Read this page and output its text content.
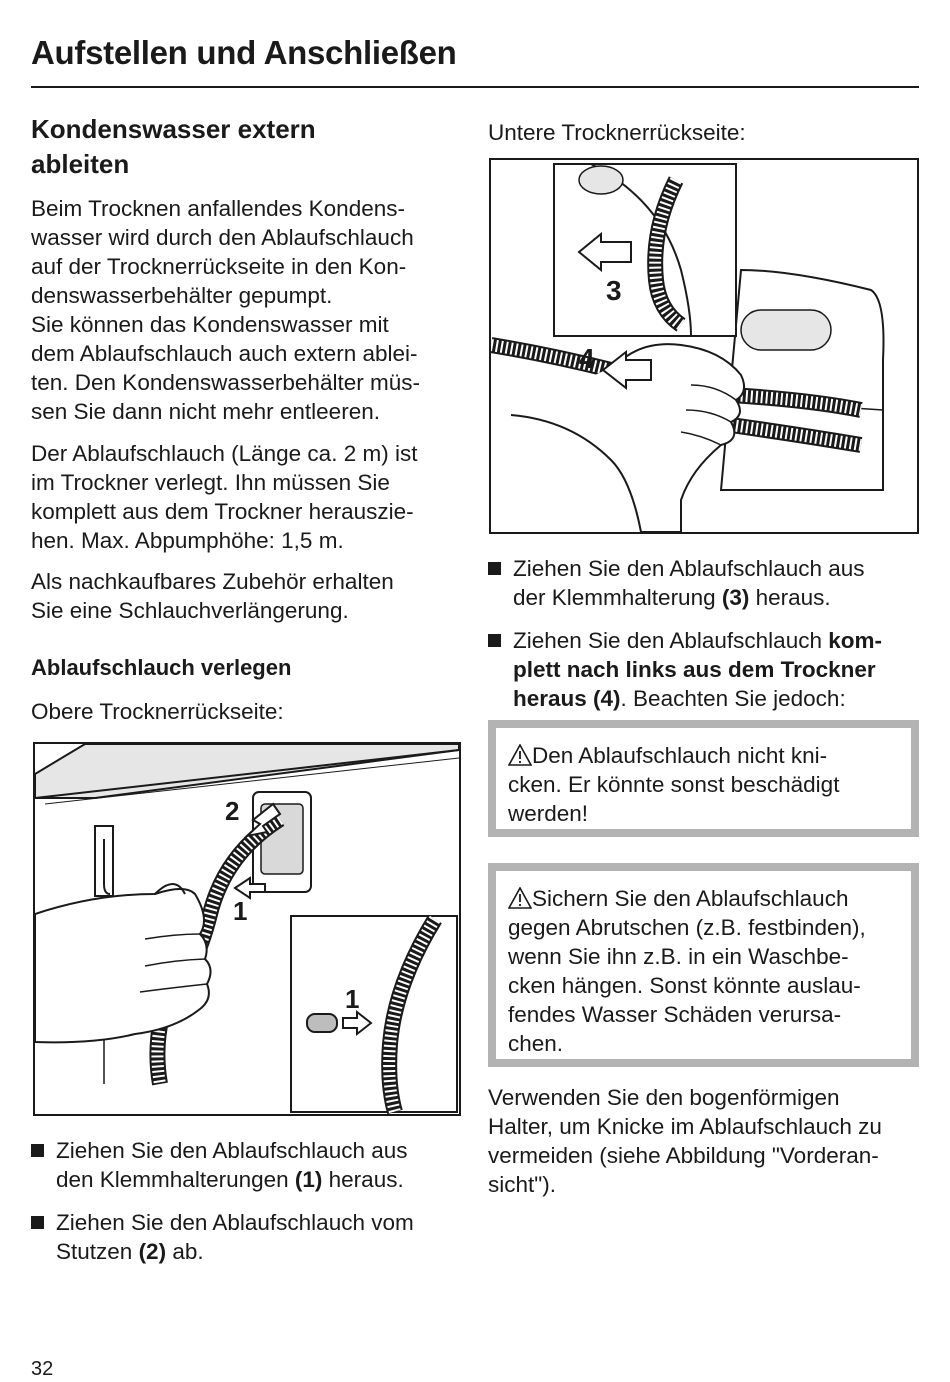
Aufstellen und Anschließen
Kondenswasser extern
ableiten
Beim Trocknen anfallendes Kondens-
wasser wird durch den Ablaufschlauch
auf der Trocknerrückseite in den Kon-
denswasserbehälter gepumpt.
Sie können das Kondenswasser mit
dem Ablaufschlauch auch extern ablei-
ten. Den Kondenswasserbehälter müs-
sen Sie dann nicht mehr entleeren.
Der Ablaufschlauch (Länge ca. 2 m) ist
im Trockner verlegt. Ihn müssen Sie
komplett aus dem Trockner herauszie-
hen. Max. Abpumphöhe: 1,5 m.
Als nachkaufbares Zubehör erhalten
Sie eine Schlauchverlängerung.
Ablaufschlauch verlegen
Obere Trocknerrückseite:
2
1
1
Ziehen Sie den Ablaufschlauch aus
den Klemmhalterungen (1) heraus.
Ziehen Sie den Ablaufschlauch vom
Stutzen (2) ab.
Untere Trocknerrückseite:
3
4
Ziehen Sie den Ablaufschlauch aus
der Klemmhalterung (3) heraus.
Ziehen Sie den Ablaufschlauch kom-
plett nach links aus dem Trockner
heraus (4). Beachten Sie jedoch:
Den Ablaufschlauch nicht kni-
cken. Er könnte sonst beschädigt
werden!
Sichern Sie den Ablaufschlauch
gegen Abrutschen (z.B. festbinden),
wenn Sie ihn z.B. in ein Waschbe-
cken hängen. Sonst könnte auslau-
fendes Wasser Schäden verursa-
chen.
Verwenden Sie den bogenförmigen
Halter, um Knicke im Ablaufschlauch zu
vermeiden (siehe Abbildung "Vorderan-
sicht").
32
